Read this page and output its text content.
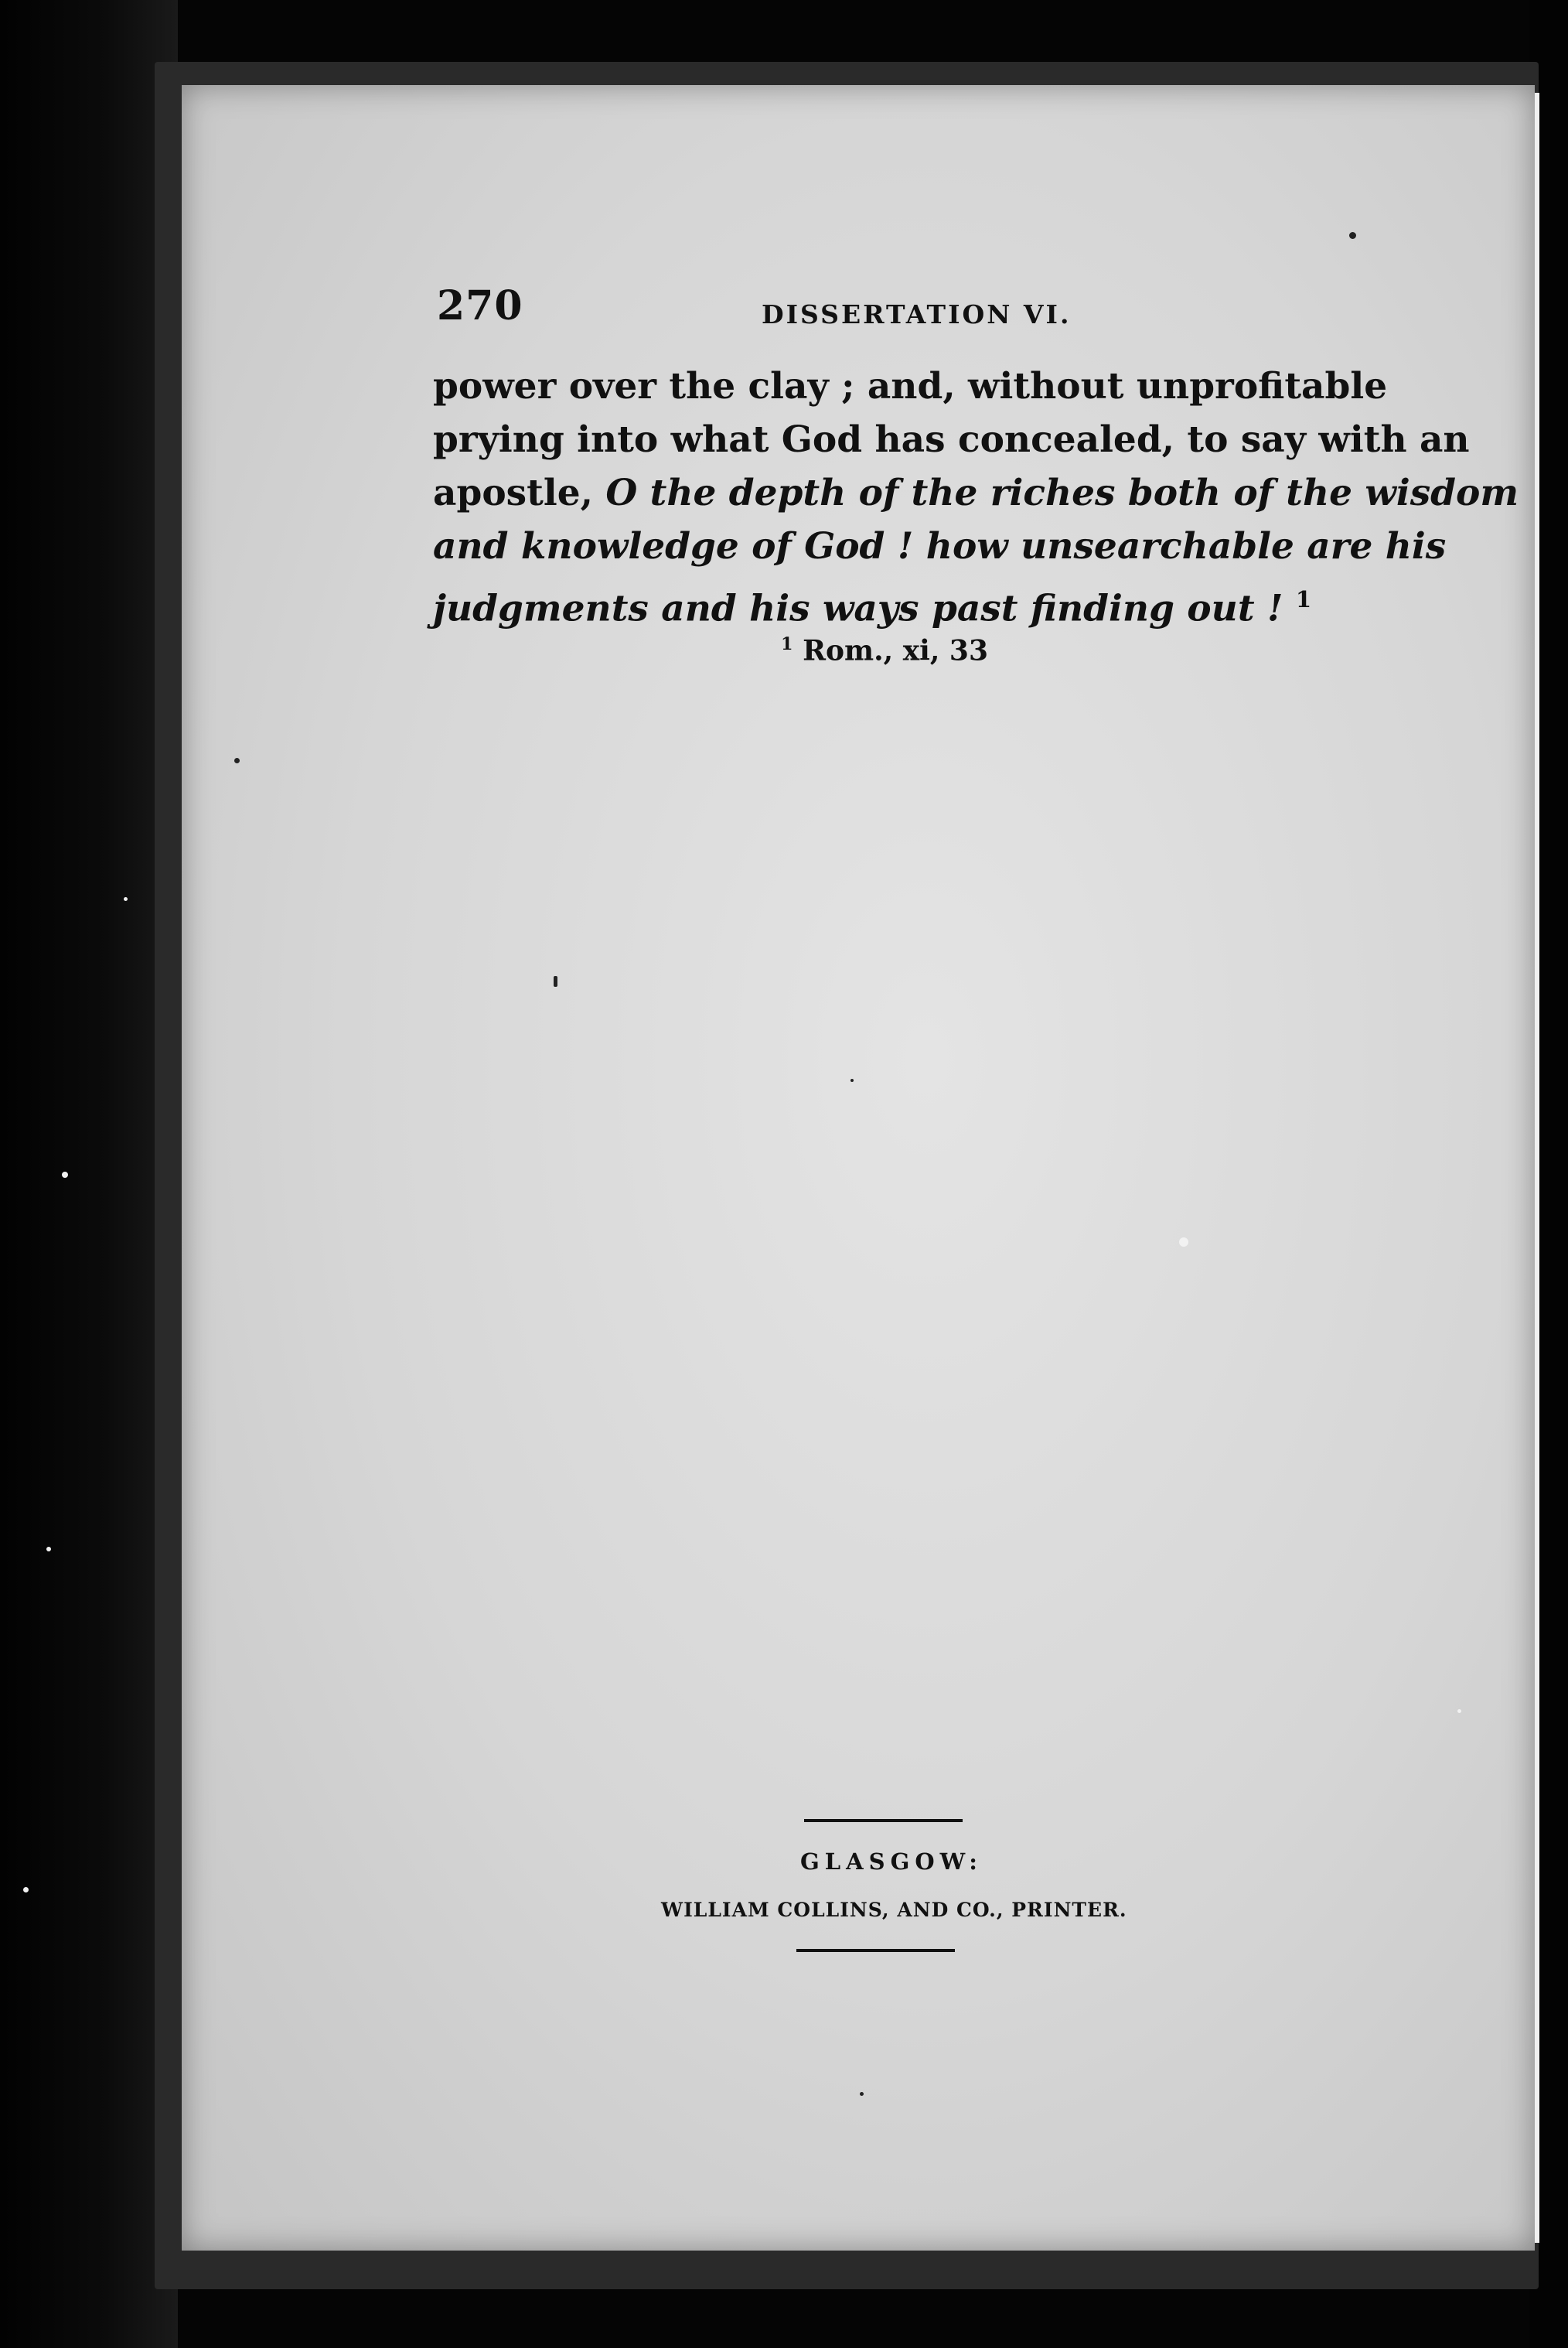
270	DISSERTATION VI.
power over the clay ; and, without unprofitable
prying into what God has concealed, to say with an
apostle, O the depth of the riches both of the wisdom
and knowledge of God ! how unsearchable are his
judgments and his ways past finding out ! $^1$
$^1$ Rom., xi, 33
GLASGOW:
WILLIAM COLLINS, AND CO., PRINTER.
